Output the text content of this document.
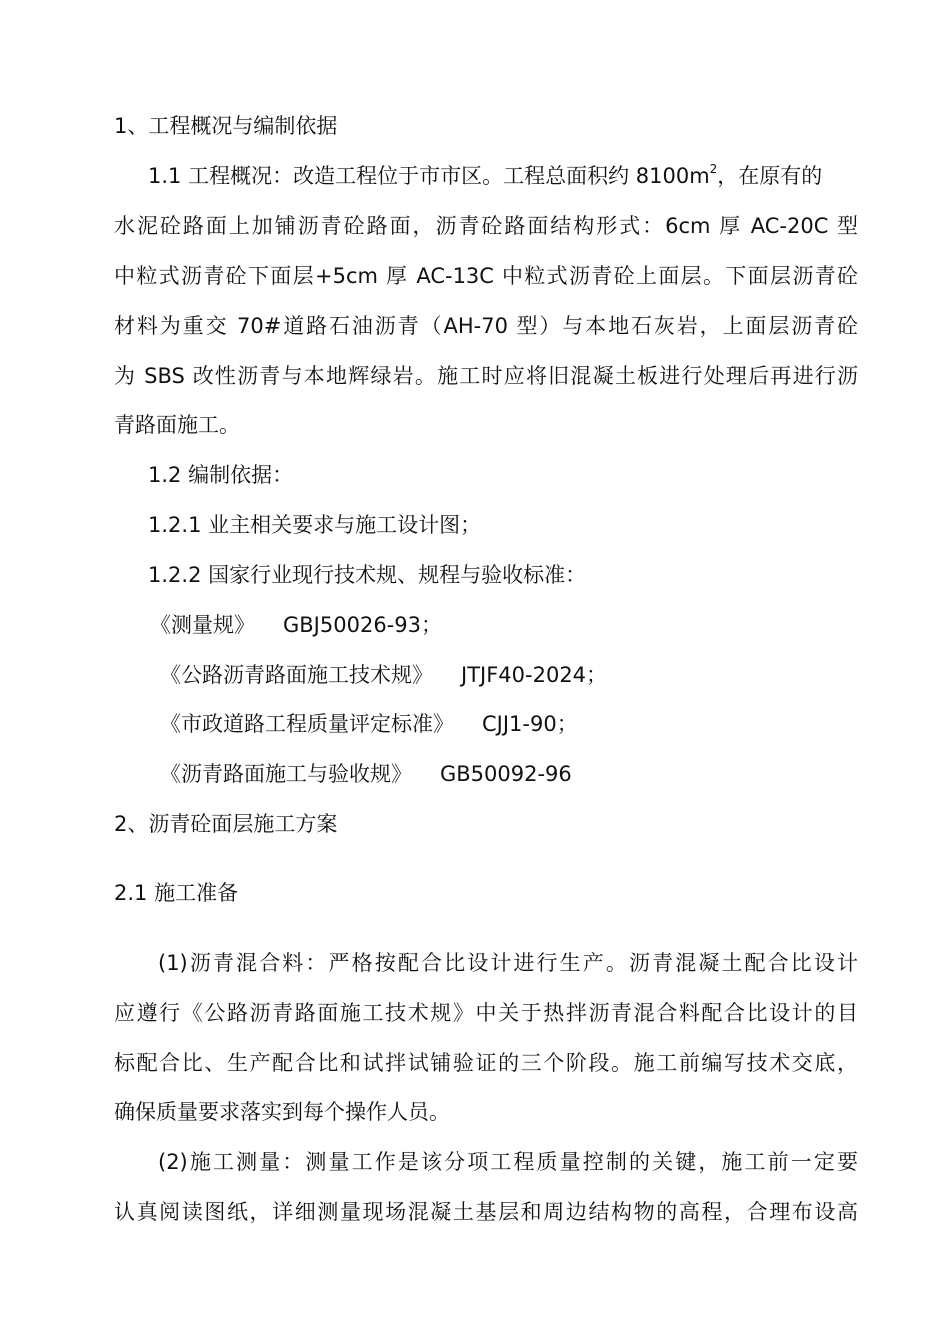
1、工程概况与编制依据

1.1 工程概况：改造工程位于市市区。工程总面积约 $8100m^2$，在原有的

水泥砼路面上加铺沥青砼路面，沥青砼路面结构形式：6cm 厚 AC-20C 型

中粒式沥青砼下面层+5cm 厚 AC-13C 中粒式沥青砼上面层。下面层沥青砼

材料为重交 70#道路石油沥青（AH-70 型）与本地石灰岩，上面层沥青砼

为 SBS 改性沥青与本地辉绿岩。施工时应将旧混凝土板进行处理后再进行沥

青路面施工。

1.2 编制依据：

1.2.1 业主相关要求与施工设计图；

1.2.2 国家行业现行技术规、规程与验收标准：

《测量规》 GBJ50026-93；

《公路沥青路面施工技术规》 JTJF40-2024；

《市政道路工程质量评定标准》 CJJ1-90；

《沥青路面施工与验收规》 GB50092-96

2、沥青砼面层施工方案

2.1 施工准备

(1)沥青混合料：严格按配合比设计进行生产。沥青混凝土配合比设计

应遵行《公路沥青路面施工技术规》中关于热拌沥青混合料配合比设计的目

标配合比、生产配合比和试拌试铺验证的三个阶段。施工前编写技术交底，

确保质量要求落实到每个操作人员。

(2)施工测量：测量工作是该分项工程质量控制的关键，施工前一定要

认真阅读图纸，详细测量现场混凝土基层和周边结构物的高程，合理布设高
